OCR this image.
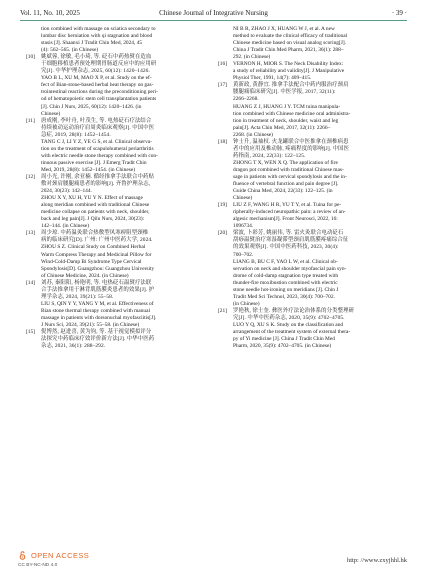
Vol. 11, No. 10, 2025	Chinese Journal of Integrative Nursing	· 39 ·

tion combined with massage on sciatica secondary to

lumbar disc herniation with qi stagnation and blood

stasis [J]. Shaanxi J Tradit Chin Med, 2024, 45

(4): 562–565. (in Chinese)

[10] 姚斌蓉, 徐敏, 毛小琦, 等. 砭石中药热熨在造血

干细胞移植患者预处理期胃肠道反应中的应用研

究[J]. 中华护理杂志, 2025, 60(12): 1420–1426.

YAO B L, XU M, MAO X P, et al. Study on the ef-

fect of Bian-stone-based herbal heat therapy on gas-

trointestinal reactions during the preconditioning peri-

od of hematopoietic stem cell transplantation patients

[J]. Chin J Nurs, 2025, 60(12): 1420–1426. (in

Chinese)

[11] 唐成刚, 李叶舟, 叶茂生, 等. 电热砭石疗法结合

持续被动运动治疗肩周炎临床观察[J]. 中国中医

急症, 2019, 28(8): 1452–1454.

TANG C J, LI Y Z, YE G S, et al. Clinical observa-

tion on the treatment of scapulohumeral periarthritis

with electric needle stone therapy combined with con-

tinuous passive exercise [J]. J Emerg Tradit Chin

Med, 2019, 28(8): 1452–1454. (in Chinese)

[12] 周小光, 许刚, 余亚楠. 循经推拿手法联合中药贴

敷对颈肩腰腿痛患者的影响[J]. 齐鲁护理杂志,

2024, 30(23): 142–144.

ZHOU X Y, XU H, YU Y N. Effect of massage

along meridian combined with traditional Chinese

medicine collapse on patients with neck, shoulder,

back and leg pain[J]. J Qilu Nurs, 2024, 30(23):

142–144. (in Chinese)

[13] 周少琼. 中药温灸联合热敷型风寒痹阻型颈椎

病的临床研究[D]. 广州: 广州中医药大学, 2024.

ZHOU S Z. Clinical Study on Combined Herbal

Warm Compress Therapy and Medicinal Pillow for

Wind-Cold-Damp Bi Syndrome Type Cervical

Spondylosis[D]. Guangzhou: Guangzhou University

of Chinese Medicine, 2024. (in Chinese)

[14] 刘苏, 秦阳阳, 杨艳明, 等. 电热砭石温熨疗法联

合手法推拿用于淋背肌筋膜炎患者的效果[J]. 护

理学杂志, 2024, 39(21): 55–58.

LIU S, QIN Y Y, YANG Y M, et al. Effectiveness of

Bian stone thermal therapy combined with manual

massage in patients with dorsonuchal myofasciitis[J].

J Nurs Sci, 2024, 39(21): 55–58. (in Chinese)

[15] 倪博然, 赵进喜, 黄为钧, 等. 基于视觉模拟评分

法探究中药临床疗效评价新方法[J]. 中华中医药

杂志, 2021, 36(1): 288–292.

NI B R, ZHAO J X, HUANG W J, et al. A new

method to evaluate the clinical efficacy of traditional

Chinese medicine based on visual analog scoring[J].

China J Tradit Chin Med Pharm, 2021, 36(1): 288–

292. (in Chinese)

[16] VERNON H, MIOR S. The Neck Disability Index:

a study of reliability and validity[J]. J Manipulative

Physiol Ther, 1991, 14(7): 409–415.

[17] 黄新政, 黄静宜. 推拿手法配合中药内服治疗颈肩

腰腿痛临床研究[J]. 中医学报, 2017, 32(11):

2266–2268.

HUANG Z J, HUANG J Y. TCM tuina manipula-

tion combined with Chinese medicine oral administra-

tion in treatment of neck, shoulder, waist and leg

pain[J]. Acta Chin Med, 2017, 32(11): 2266–

2268. (in Chinese)

[18] 钟士升, 温袖权. 火龙罐联合中医推拿在颈椎病患

者中的应用及椎动脉, 疼痛程度的影响[J]. 中国医

药指南, 2024, 22(33): 122–125.

ZHONG T X, WEN X Q. The application of fire

dragon pot combined with traditional Chinese mas-

sage in patients with cervical spondylosis and the in-

fluence of vertebral function and pain degree [J].

Guide China Med, 2024, 22(33): 122–125. (in

Chinese)

[19] LIU Z F, WANG H R, YU T Y, et al. Tuina for pe-

ripherally-induced neuropathic pain: a review of an-

algesic mechanism[J]. Front Neurosci, 2022, 16:

1096734.

[20] 梁波, 卜彩芳, 姚丽伟, 等. 雷火灸联合电动砭石

刮痧温熨治疗寒湿凝滞型颈肩肌筋膜疼痛综合征

的效果观察[J]. 中国中医药科技, 2023, 30(4):

700–702.

LIANG B, BU C F, YAO L W, et al. Clinical ob-

servation on neck and shoulder myofascial pain syn-

drome of cold-damp stagnation type treated with

thunder-fire moxibustion combined with electric

stone needle hot-ironing on meridians [J]. Chin J

Tradit Med Sci Technol, 2023, 30(4): 700–702.

(in Chinese)

[21] 罗艳秋, 徐士奎. 彝医外疗法论治体系的分类整理研

究[J]. 中华中医药杂志, 2020, 35(9): 4702–4705.

LUO Y Q, XU S K. Study on the classification and

arrangement of the treatment system of external thera-

py of Yi medicine [J]. China J Tradit Chin Med

Pharm, 2020, 35(9): 4702–4705. (in Chinese)

OPEN ACCESS
CC BY-NC-ND 4.0
http: //www.zxyjhhl.hk
